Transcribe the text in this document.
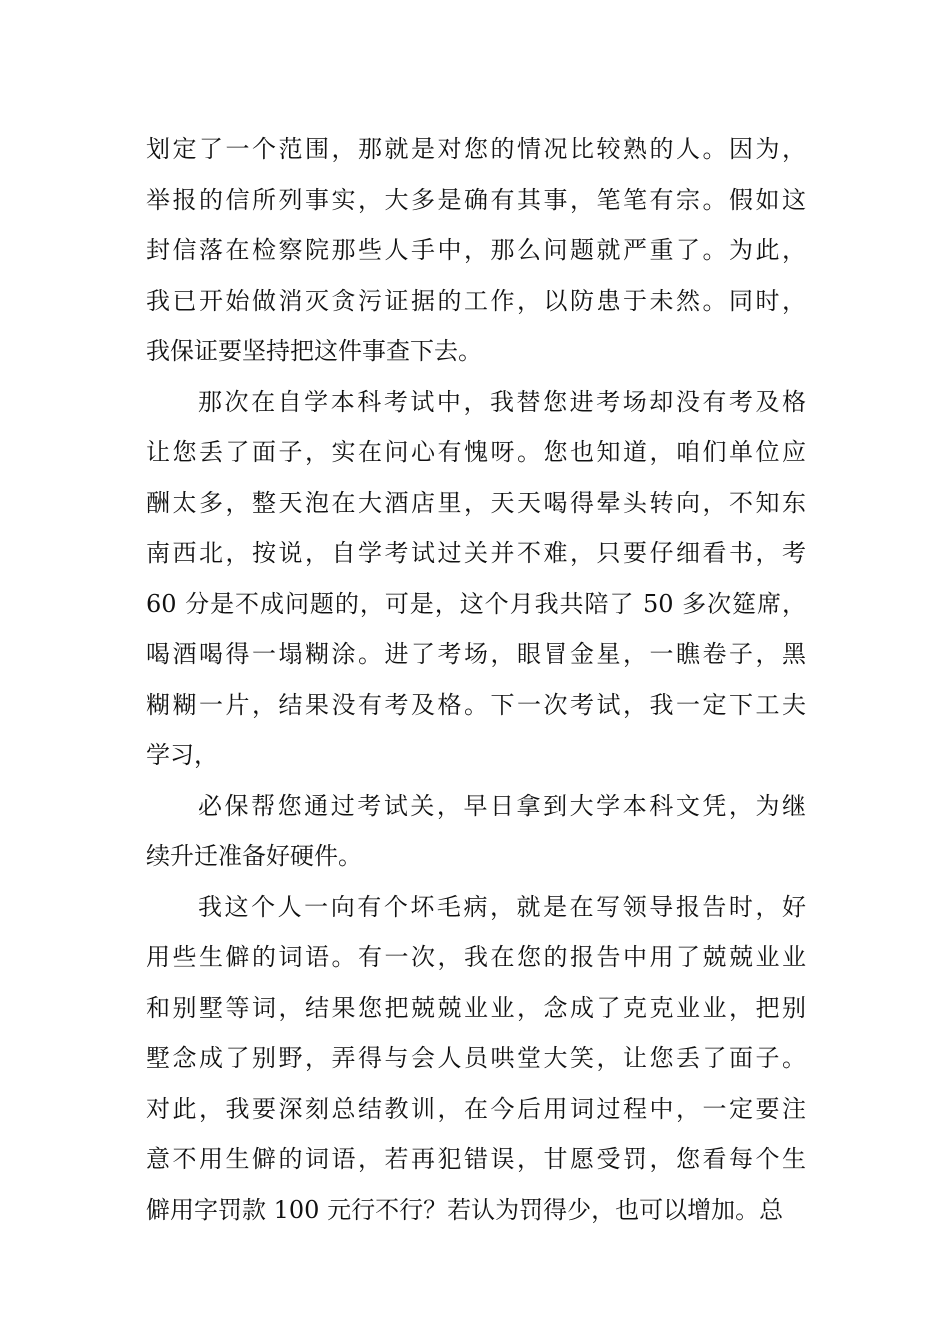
划定了一个范围，那就是对您的情况比较熟的人。因为，
举报的信所列事实，大多是确有其事，笔笔有宗。假如这
封信落在检察院那些人手中，那么问题就严重了。为此，
我已开始做消灭贪污证据的工作，以防患于未然。同时，
我保证要坚持把这件事查下去。
那次在自学本科考试中，我替您进考场却没有考及格
让您丢了面子，实在问心有愧呀。您也知道，咱们单位应
酬太多，整天泡在大酒店里，天天喝得晕头转向，不知东
南西北，按说，自学考试过关并不难，只要仔细看书，考
60 分是不成问题的，可是，这个月我共陪了 50 多次筵席，
喝酒喝得一塌糊涂。进了考场，眼冒金星，一瞧卷子，黑
糊糊一片，结果没有考及格。下一次考试，我一定下工夫
学习，
必保帮您通过考试关，早日拿到大学本科文凭，为继
续升迁准备好硬件。
我这个人一向有个坏毛病，就是在写领导报告时，好
用些生僻的词语。有一次，我在您的报告中用了兢兢业业
和别墅等词，结果您把兢兢业业，念成了克克业业，把别
墅念成了别野，弄得与会人员哄堂大笑，让您丢了面子。
对此，我要深刻总结教训，在今后用词过程中，一定要注
意不用生僻的词语，若再犯错误，甘愿受罚，您看每个生
僻用字罚款 100 元行不行？若认为罚得少，也可以增加。总
